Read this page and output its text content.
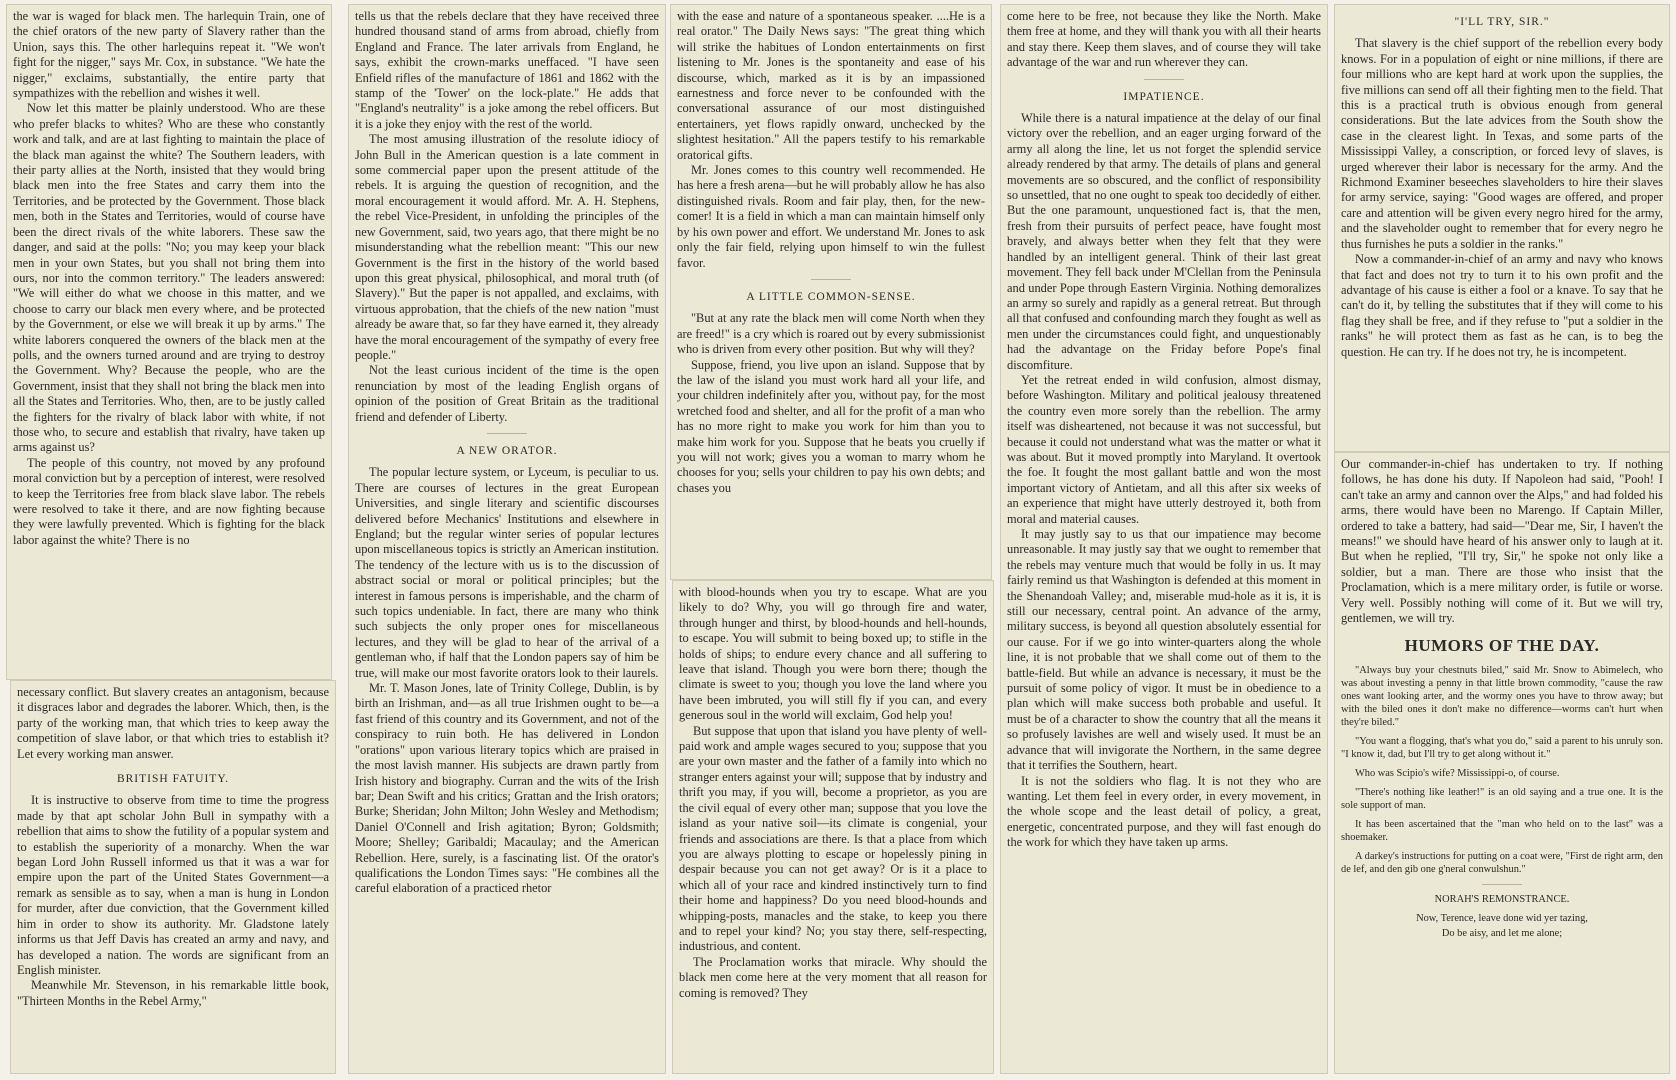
the war is waged for black men. The harlequin Train, one of the chief orators of the new party of Slavery rather than the Union, says this. The other harlequins repeat it. "We won't fight for the nigger," says Mr. Cox, in substance. "We hate the nigger," exclaims, substantially, the entire party that sympathizes with the rebellion and wishes it well.

Now let this matter be plainly understood. Who are these who prefer blacks to whites? Who are these who constantly work and talk, and are at last fighting to maintain the place of the black man against the white? The Southern leaders, with their party allies at the North, insisted that they would bring black men into the free States and carry them into the Territories, and be protected by the Government. Those black men, both in the States and Territories, would of course have been the direct rivals of the white laborers. These saw the danger, and said at the polls: "No; you may keep your black men in your own States, but you shall not bring them into ours, nor into the common territory." The leaders answered: "We will either do what we choose in this matter, and we choose to carry our black men every where, and be protected by the Government, or else we will break it up by arms." The white laborers conquered the owners of the black men at the polls, and the owners turned around and are trying to destroy the Government. Why? Because the people, who are the Government, insist that they shall not bring the black men into all the States and Territories. Who, then, are to be justly called the fighters for the rivalry of black labor with white, if not those who, to secure and establish that rivalry, have taken up arms against us?

The people of this country, not moved by any profound moral conviction but by a perception of interest, were resolved to keep the Territories free from black slave labor. The rebels were resolved to take it there, and are now fighting because they were lawfully prevented. Which is fighting for the black labor against the white? There is no

necessary conflict. But slavery creates an antagonism, because it disgraces labor and degrades the laborer. Which, then, is the party of the working man, that which tries to keep away the competition of slave labor, or that which tries to establish it? Let every working man answer.

BRITISH FATUITY.

It is instructive to observe from time to time the progress made by that apt scholar John Bull in sympathy with a rebellion that aims to show the futility of a popular system and to establish the superiority of a monarchy. When the war began Lord John Russell informed us that it was a war for empire upon the part of the United States Government—a remark as sensible as to say, when a man is hung in London for murder, after due conviction, that the Government killed him in order to show its authority. Mr. Gladstone lately informs us that Jeff Davis has created an army and navy, and has developed a nation. The words are significant from an English minister.

Meanwhile Mr. Stevenson, in his remarkable little book, "Thirteen Months in the Rebel Army,"

tells us that the rebels declare that they have received three hundred thousand stand of arms from abroad, chiefly from England and France. The later arrivals from England, he says, exhibit the crown-marks uneffaced. "I have seen Enfield rifles of the manufacture of 1861 and 1862 with the stamp of the 'Tower' on the lock-plate." He adds that "England's neutrality" is a joke among the rebel officers. But it is a joke they enjoy with the rest of the world.

The most amusing illustration of the resolute idiocy of John Bull in the American question is a late comment in some commercial paper upon the present attitude of the rebels. It is arguing the question of recognition, and the moral encouragement it would afford. Mr. A. H. Stephens, the rebel Vice-President, in unfolding the principles of the new Government, said, two years ago, that there might be no misunderstanding what the rebellion meant: "This our new Government is the first in the history of the world based upon this great physical, philosophical, and moral truth (of Slavery)." But the paper is not appalled, and exclaims, with virtuous approbation, that the chiefs of the new nation "must already be aware that, so far they have earned it, they already have the moral encouragement of the sympathy of every free people."

Not the least curious incident of the time is the open renunciation by most of the leading English organs of opinion of the position of Great Britain as the traditional friend and defender of Liberty.

A NEW ORATOR.

The popular lecture system, or Lyceum, is peculiar to us. There are courses of lectures in the great European Universities, and single literary and scientific discourses delivered before Mechanics' Institutions and elsewhere in England; but the regular winter series of popular lectures upon miscellaneous topics is strictly an American institution. The tendency of the lecture with us is to the discussion of abstract social or moral or political principles; but the interest in famous persons is imperishable, and the charm of such topics undeniable. In fact, there are many who think such subjects the only proper ones for miscellaneous lectures, and they will be glad to hear of the arrival of a gentleman who, if half that the London papers say of him be true, will make our most favorite orators look to their laurels.

Mr. T. Mason Jones, late of Trinity College, Dublin, is by birth an Irishman, and—as all true Irishmen ought to be—a fast friend of this country and its Government, and not of the conspiracy to ruin both. He has delivered in London "orations" upon various literary topics which are praised in the most lavish manner. His subjects are drawn partly from Irish history and biography. Curran and the wits of the Irish bar; Dean Swift and his critics; Grattan and the Irish orators; Burke; Sheridan; John Milton; John Wesley and Methodism; Daniel O'Connell and Irish agitation; Byron; Goldsmith; Moore; Shelley; Garibaldi; Macaulay; and the American Rebellion. Here, surely, is a fascinating list. Of the orator's qualifications the London Times says: "He combines all the careful elaboration of a practiced rhetor

with the ease and nature of a spontaneous speaker. ....He is a real orator." The Daily News says: "The great thing which will strike the habitues of London entertainments on first listening to Mr. Jones is the spontaneity and ease of his discourse, which, marked as it is by an impassioned earnestness and force never to be confounded with the conversational assurance of our most distinguished entertainers, yet flows rapidly onward, unchecked by the slightest hesitation." All the papers testify to his remarkable oratorical gifts.

Mr. Jones comes to this country well recommended. He has here a fresh arena—but he will probably allow he has also distinguished rivals. Room and fair play, then, for the new-comer! It is a field in which a man can maintain himself only by his own power and effort. We understand Mr. Jones to ask only the fair field, relying upon himself to win the fullest favor.

A LITTLE COMMON-SENSE.

"But at any rate the black men will come North when they are freed!" is a cry which is roared out by every submissionist who is driven from every other position. But why will they?

Suppose, friend, you live upon an island. Suppose that by the law of the island you must work hard all your life, and your children indefinitely after you, without pay, for the most wretched food and shelter, and all for the profit of a man who has no more right to make you work for him than you to make him work for you. Suppose that he beats you cruelly if you will not work; gives you a woman to marry whom he chooses for you; sells your children to pay his own debts; and chases you

with blood-hounds when you try to escape. What are you likely to do? Why, you will go through fire and water, through hunger and thirst, by blood-hounds and hell-hounds, to escape. You will submit to being boxed up; to stifle in the holds of ships; to endure every chance and all suffering to leave that island. Though you were born there; though the climate is sweet to you; though you love the land where you have been imbruted, you will still fly if you can, and every generous soul in the world will exclaim, God help you!

But suppose that upon that island you have plenty of well-paid work and ample wages secured to you; suppose that you are your own master and the father of a family into which no stranger enters against your will; suppose that by industry and thrift you may, if you will, become a proprietor, as you are the civil equal of every other man; suppose that you love the island as your native soil—its climate is congenial, your friends and associations are there. Is that a place from which you are always plotting to escape or hopelessly pining in despair because you can not get away? Or is it a place to which all of your race and kindred instinctively turn to find their home and happiness? Do you need blood-hounds and whipping-posts, manacles and the stake, to keep you there and to repel your kind? No; you stay there, self-respecting, industrious, and content.

The Proclamation works that miracle. Why should the black men come here at the very moment that all reason for coming is removed? They

come here to be free, not because they like the North. Make them free at home, and they will thank you with all their hearts and stay there. Keep them slaves, and of course they will take advantage of the war and run wherever they can.

IMPATIENCE.

While there is a natural impatience at the delay of our final victory over the rebellion, and an eager urging forward of the army all along the line, let us not forget the splendid service already rendered by that army. The details of plans and general movements are so obscured, and the conflict of responsibility so unsettled, that no one ought to speak too decidedly of either. But the one paramount, unquestioned fact is, that the men, fresh from their pursuits of perfect peace, have fought most bravely, and always better when they felt that they were handled by an intelligent general. Think of their last great movement. They fell back under M'Clellan from the Peninsula and under Pope through Eastern Virginia. Nothing demoralizes an army so surely and rapidly as a general retreat. But through all that confused and confounding march they fought as well as men under the circumstances could fight, and unquestionably had the advantage on the Friday before Pope's final discomfiture.

Yet the retreat ended in wild confusion, almost dismay, before Washington. Military and political jealousy threatened the country even more sorely than the rebellion. The army itself was disheartened, not because it was not successful, but because it could not understand what was the matter or what it was about. But it moved promptly into Maryland. It overtook the foe. It fought the most gallant battle and won the most important victory of Antietam, and all this after six weeks of an experience that might have utterly destroyed it, both from moral and material causes.

It may justly say to us that our impatience may become unreasonable. It may justly say that we ought to remember that the rebels may venture much that would be folly in us. It may fairly remind us that Washington is defended at this moment in the Shenandoah Valley; and, miserable mud-hole as it is, it is still our necessary, central point. An advance of the army, military success, is beyond all question absolutely essential for our cause. For if we go into winter-quarters along the whole line, it is not probable that we shall come out of them to the battle-field. But while an advance is necessary, it must be the pursuit of some policy of vigor. It must be in obedience to a plan which will make success both probable and useful. It must be of a character to show the country that all the means it so profusely lavishes are well and wisely used. It must be an advance that will invigorate the Northern, in the same degree that it terrifies the Southern, heart.

It is not the soldiers who flag. It is not they who are wanting. Let them feel in every order, in every movement, in the whole scope and the least detail of policy, a great, energetic, concentrated purpose, and they will fast enough do the work for which they have taken up arms.

"I'LL TRY, SIR."

That slavery is the chief support of the rebellion every body knows. For in a population of eight or nine millions, if there are four millions who are kept hard at work upon the supplies, the five millions can send off all their fighting men to the field. That this is a practical truth is obvious enough from general considerations. But the late advices from the South show the case in the clearest light. In Texas, and some parts of the Mississippi Valley, a conscription, or forced levy of slaves, is urged wherever their labor is necessary for the army. And the Richmond Examiner beseeches slaveholders to hire their slaves for army service, saying: "Good wages are offered, and proper care and attention will be given every negro hired for the army, and the slaveholder ought to remember that for every negro he thus furnishes he puts a soldier in the ranks."

Now a commander-in-chief of an army and navy who knows that fact and does not try to turn it to his own profit and the advantage of his cause is either a fool or a knave. To say that he can't do it, by telling the substitutes that if they will come to his flag they shall be free, and if they refuse to "put a soldier in the ranks" he will protect them as fast as he can, is to beg the question. He can try. If he does not try, he is incompetent.

Our commander-in-chief has undertaken to try. If nothing follows, he has done his duty. If Napoleon had said, "Pooh! I can't take an army and cannon over the Alps," and had folded his arms, there would have been no Marengo. If Captain Miller, ordered to take a battery, had said—"Dear me, Sir, I haven't the means!" we should have heard of his answer only to laugh at it. But when he replied, "I'll try, Sir," he spoke not only like a soldier, but a man. There are those who insist that the Proclamation, which is a mere military order, is futile or worse. Very well. Possibly nothing will come of it. But we will try, gentlemen, we will try.

HUMORS OF THE DAY.

"Always buy your chestnuts biled," said Mr. Snow to Abimelech, who was about investing a penny in that little brown commodity, "cause the raw ones want looking arter, and the wormy ones you have to throw away; but with the biled ones it don't make no difference—worms can't hurt when they're biled."

"You want a flogging, that's what you do," said a parent to his unruly son. "I know it, dad, but I'll try to get along without it."

Who was Scipio's wife? Mississippi-o, of course.

"There's nothing like leather!" is an old saying and a true one. It is the sole support of man.

It has been ascertained that the "man who held on to the last" was a shoemaker.

A darkey's instructions for putting on a coat were, "First de right arm, den de lef, and den gib one g'neral conwulshun."

NORAH'S REMONSTRANCE.

Now, Terence, leave done wid yer tazing,

Do be aisy, and let me alone;
